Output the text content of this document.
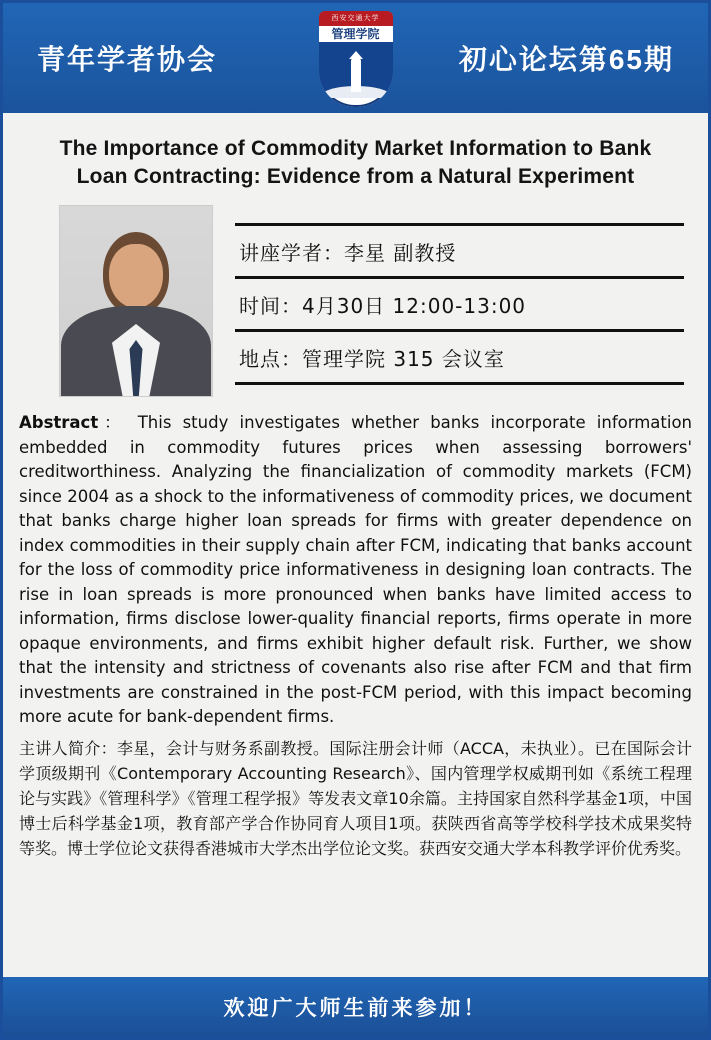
青年学者协会
西安交通大学
管理学院
初心论坛第65期
The Importance of Commodity Market Information to Bank
Loan Contracting: Evidence from a Natural Experiment
讲座学者：李星 副教授
时间：4月30日 12:00-13:00
地点：管理学院 315 会议室
Abstract： This study investigates whether banks incorporate information embedded in commodity futures prices when assessing borrowers' creditworthiness. Analyzing the financialization of commodity markets (FCM) since 2004 as a shock to the informativeness of commodity prices, we document that banks charge higher loan spreads for firms with greater dependence on index commodities in their supply chain after FCM, indicating that banks account for the loss of commodity price informativeness in designing loan contracts. The rise in loan spreads is more pronounced when banks have limited access to information, firms disclose lower-quality financial reports, firms operate in more opaque environments, and firms exhibit higher default risk. Further, we show that the intensity and strictness of covenants also rise after FCM and that firm investments are constrained in the post-FCM period, with this impact becoming more acute for bank-dependent firms.
主讲人简介：李星，会计与财务系副教授。国际注册会计师（ACCA，未执业）。已在国际会计学顶级期刊《Contemporary Accounting Research》、国内管理学权威期刊如《系统工程理论与实践》《管理科学》《管理工程学报》等发表文章10余篇。主持国家自然科学基金1项，中国博士后科学基金1项，教育部产学合作协同育人项目1项。获陕西省高等学校科学技术成果奖特等奖。博士学位论文获得香港城市大学杰出学位论文奖。获西安交通大学本科教学评价优秀奖。
欢迎广大师生前来参加！
